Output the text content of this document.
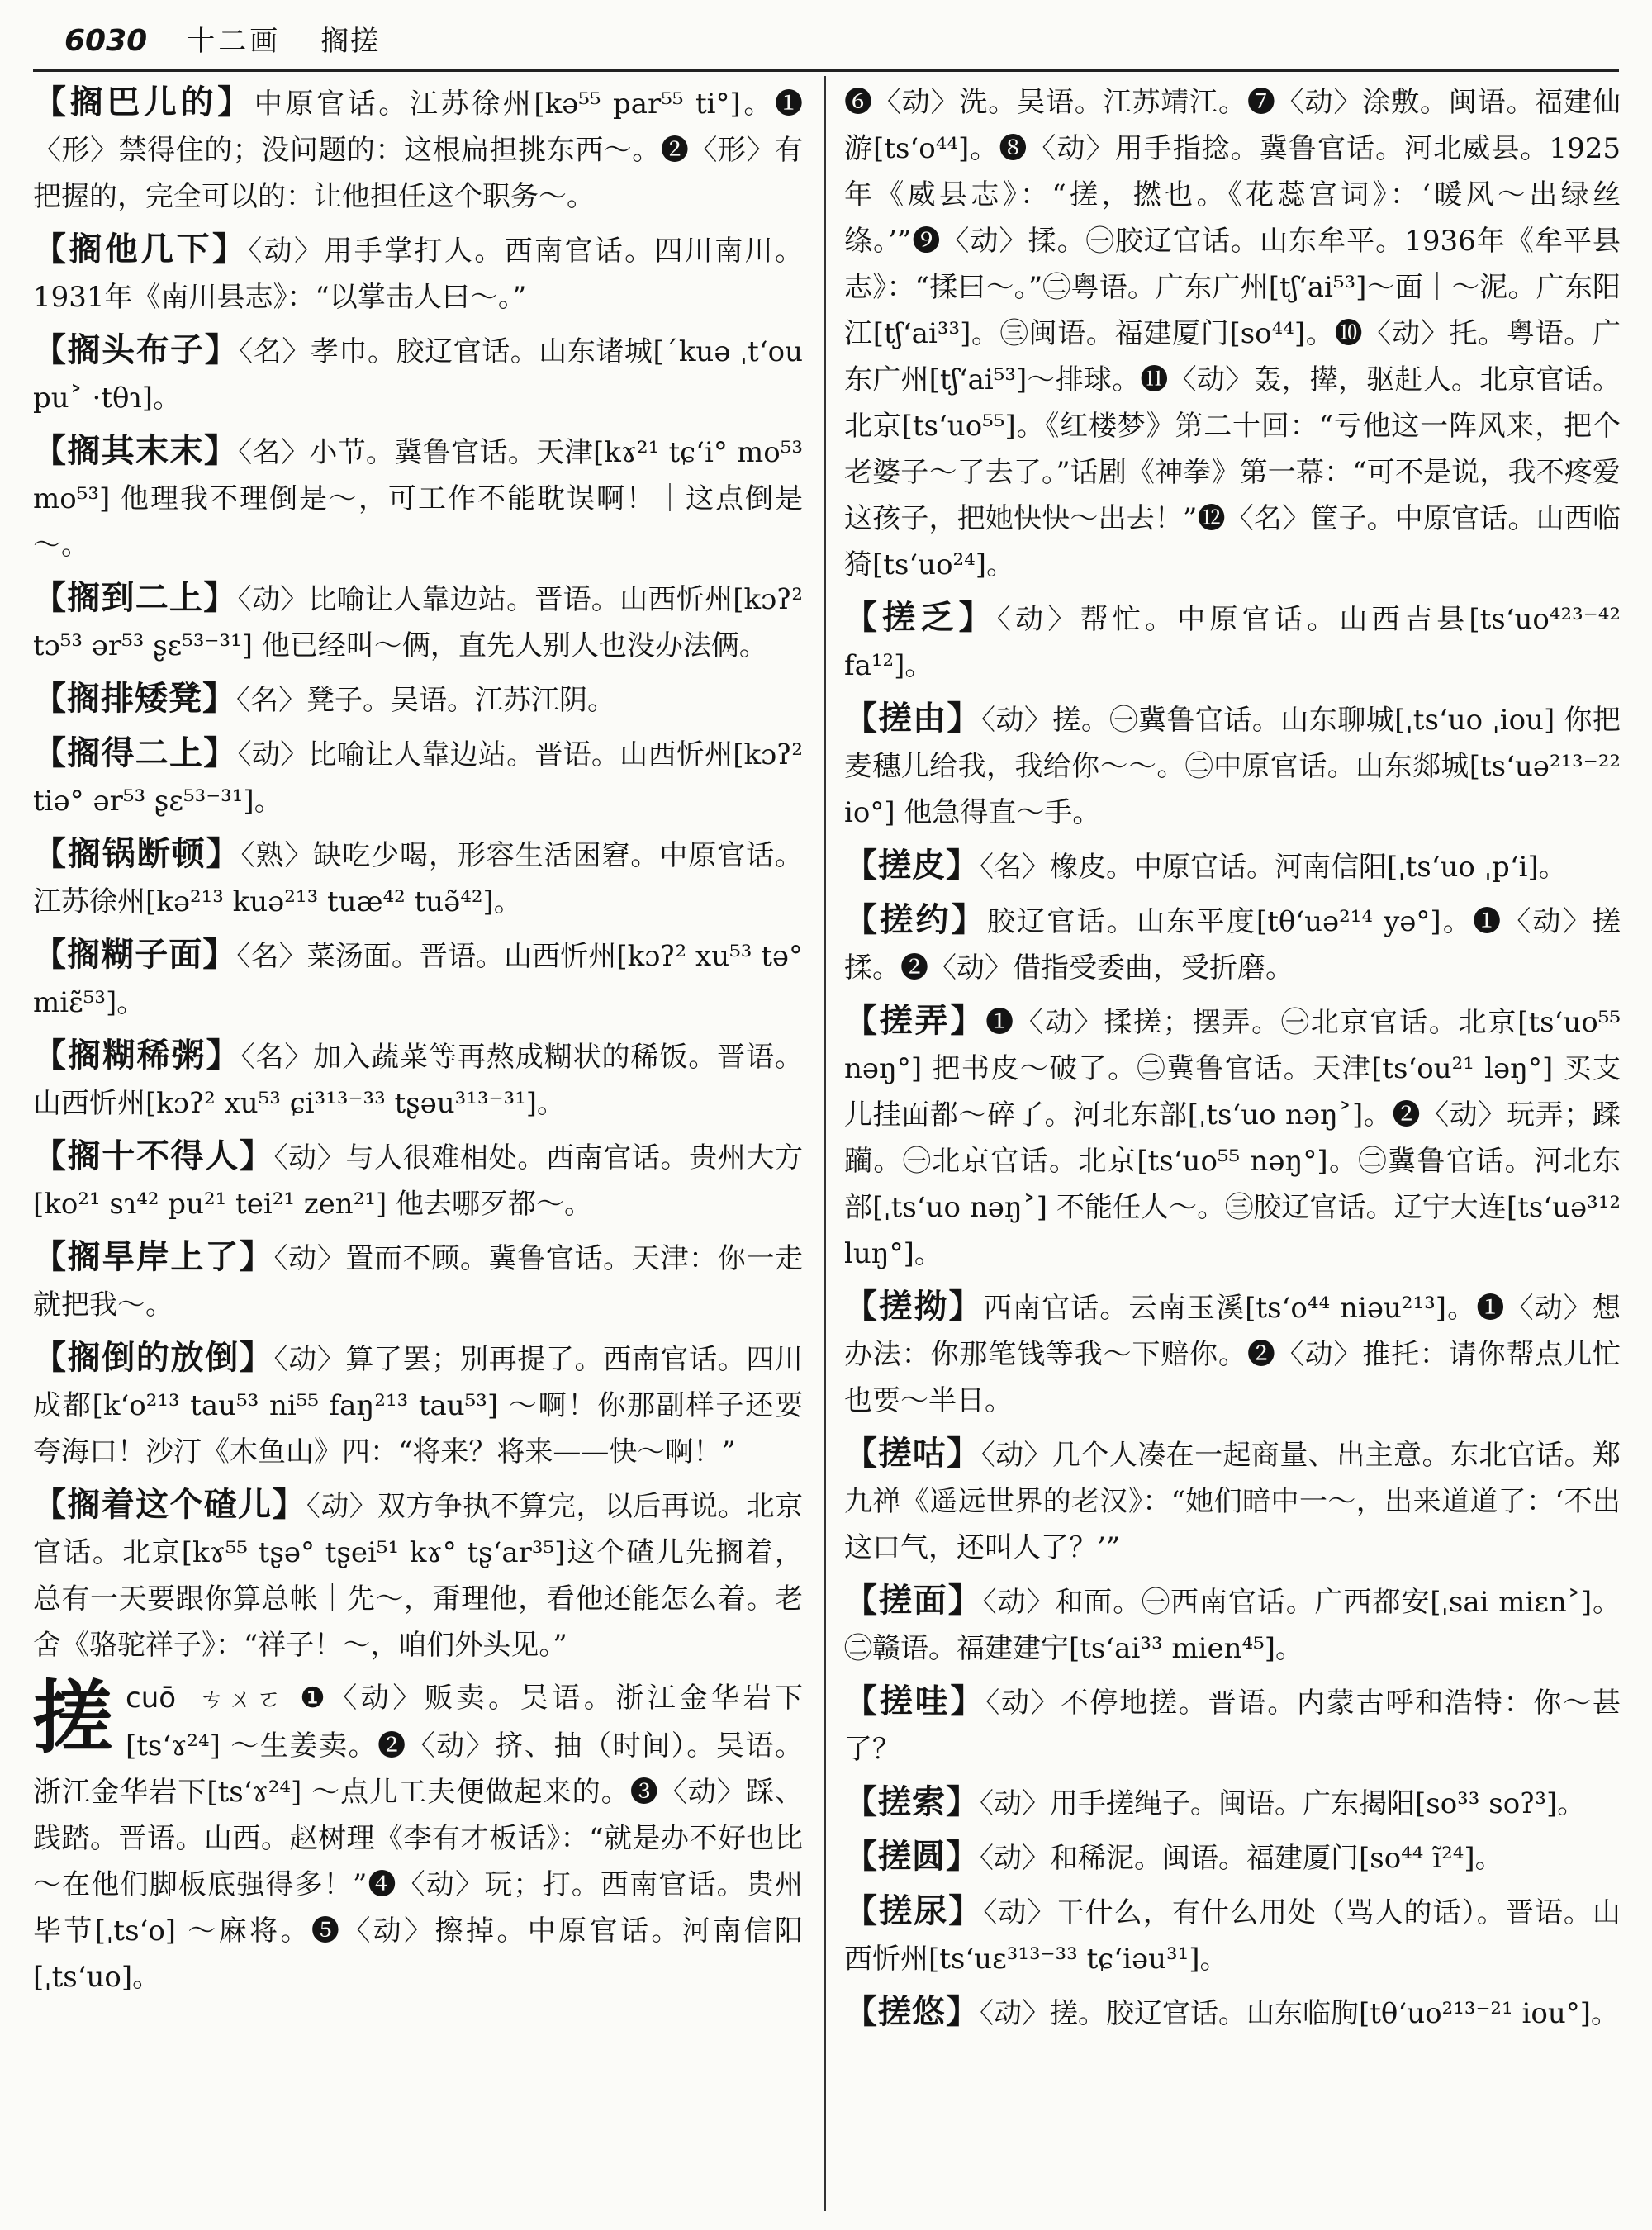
6030 十二画 搁搓
【搁巴儿的】中原官话。江苏徐州[kə⁵⁵ par⁵⁵ ti°]。❶〈形〉禁得住的；没问题的：这根扁担挑东西～。❷〈形〉有把握的，完全可以的：让他担任这个职务～。
【搁他几下】〈动〉用手掌打人。西南官话。四川南川。1931年《南川县志》：“以掌击人曰～。”
【搁头布子】〈名〉孝巾。胶辽官话。山东诸城[ˊkuə ˌtʻou pu˃ ·tθɿ]。
【搁其末末】〈名〉小节。冀鲁官话。天津[kɤ²¹ tɕʻi° mo⁵³ mo⁵³] 他理我不理倒是～，可工作不能耽误啊！｜这点倒是～。
【搁到二上】〈动〉比喻让人靠边站。晋语。山西忻州[kɔʔ² tɔ⁵³ ər⁵³ ʂɛ⁵³⁻³¹] 他已经叫～俩，直先人别人也没办法俩。
【搁排矮凳】〈名〉凳子。吴语。江苏江阴。
【搁得二上】〈动〉比喻让人靠边站。晋语。山西忻州[kɔʔ² tiə° ər⁵³ ʂɛ⁵³⁻³¹]。
【搁锅断顿】〈熟〉缺吃少喝，形容生活困窘。中原官话。江苏徐州[kə²¹³ kuə²¹³ tuæ⁴² tuə̃⁴²]。
【搁糊子面】〈名〉菜汤面。晋语。山西忻州[kɔʔ² xu⁵³ tə° miɛ̃⁵³]。
【搁糊稀粥】〈名〉加入蔬菜等再熬成糊状的稀饭。晋语。山西忻州[kɔʔ² xu⁵³ ɕi³¹³⁻³³ tʂəu³¹³⁻³¹]。
【搁十不得人】〈动〉与人很难相处。西南官话。贵州大方[ko²¹ sɿ⁴² pu²¹ tei²¹ zen²¹] 他去哪歹都～。
【搁旱岸上了】〈动〉置而不顾。冀鲁官话。天津：你一走就把我～。
【搁倒的放倒】〈动〉算了罢；别再提了。西南官话。四川成都[kʻo²¹³ tau⁵³ ni⁵⁵ faŋ²¹³ tau⁵³] ～啊！你那副样子还要夸海口！沙汀《木鱼山》四：“将来？将来——快～啊！”
【搁着这个碴儿】〈动〉双方争执不算完，以后再说。北京官话。北京[kɤ⁵⁵ tʂə° tʂei⁵¹ kɤ° tʂʻar³⁵]这个碴儿先搁着，总有一天要跟你算总帐｜先～，甭理他，看他还能怎么着。老舍《骆驼祥子》：“祥子！～，咱们外头见。”
搓 cuō ㄘㄨㄛ ❶〈动〉贩卖。吴语。浙江金华岩下[tsʻɤ²⁴] ～生姜卖。❷〈动〉挤、抽（时间）。吴语。浙江金华岩下[tsʻɤ²⁴] ～点儿工夫便做起来的。❸〈动〉踩、践踏。晋语。山西。赵树理《李有才板话》：“就是办不好也比～在他们脚板底强得多！”❹〈动〉玩；打。西南官话。贵州毕节[ˌtsʻo] ～麻将。❺〈动〉擦掉。中原官话。河南信阳[ˌtsʻuo]。
❻〈动〉洗。吴语。江苏靖江。❼〈动〉涂敷。闽语。福建仙游[tsʻo⁴⁴]。❽〈动〉用手指捻。冀鲁官话。河北威县。1925年《威县志》：“搓，撚也。《花蕊宫词》：‘暖风～出绿丝绦。’”❾〈动〉揉。㊀胶辽官话。山东牟平。1936年《牟平县志》：“揉曰～。”㊁粤语。广东广州[tʃʻai⁵³]～面｜～泥。广东阳江[tʃʻai³³]。㊂闽语。福建厦门[so⁴⁴]。❿〈动〉托。粤语。广东广州[tʃʻai⁵³]～排球。⓫〈动〉轰，撵，驱赶人。北京官话。北京[tsʻuo⁵⁵]。《红楼梦》第二十回：“亏他这一阵风来，把个老婆子～了去了。”话剧《神拳》第一幕：“可不是说，我不疼爱这孩子，把她快快～出去！”⓬〈名〉筐子。中原官话。山西临猗[tsʻuo²⁴]。
【搓乏】〈动〉帮忙。中原官话。山西吉县[tsʻuo⁴²³⁻⁴² fa¹²]。
【搓由】〈动〉搓。㊀冀鲁官话。山东聊城[ˌtsʻuo ˌiou] 你把麦穗儿给我，我给你～～。㊁中原官话。山东郯城[tsʻuə²¹³⁻²² io°] 他急得直～手。
【搓皮】〈名〉橡皮。中原官话。河南信阳[ˌtsʻuo ˌpʻi]。
【搓约】胶辽官话。山东平度[tθʻuə²¹⁴ yə°]。❶〈动〉搓揉。❷〈动〉借指受委曲，受折磨。
【搓弄】❶〈动〉揉搓；摆弄。㊀北京官话。北京[tsʻuo⁵⁵ nəŋ°] 把书皮～破了。㊁冀鲁官话。天津[tsʻou²¹ ləŋ°] 买支儿挂面都～碎了。河北东部[ˌtsʻuo nəŋ˃]。❷〈动〉玩弄；蹂躏。㊀北京官话。北京[tsʻuo⁵⁵ nəŋ°]。㊁冀鲁官话。河北东部[ˌtsʻuo nəŋ˃] 不能任人～。㊂胶辽官话。辽宁大连[tsʻuə³¹² luŋ°]。
【搓拗】西南官话。云南玉溪[tsʻo⁴⁴ niəu²¹³]。❶〈动〉想办法：你那笔钱等我～下赔你。❷〈动〉推托：请你帮点儿忙也要～半日。
【搓咕】〈动〉几个人凑在一起商量、出主意。东北官话。郑九禅《遥远世界的老汉》：“她们暗中一～，出来道道了：‘不出这口气，还叫人了？’”
【搓面】〈动〉和面。㊀西南官话。广西都安[ˌsai miɛn˃]。㊁赣语。福建建宁[tsʻai³³ mien⁴⁵]。
【搓哇】〈动〉不停地搓。晋语。内蒙古呼和浩特：你～甚了？
【搓索】〈动〉用手搓绳子。闽语。广东揭阳[so³³ soʔ³]。
【搓圆】〈动〉和稀泥。闽语。福建厦门[so⁴⁴ ĩ²⁴]。
【搓尿】〈动〉干什么，有什么用处（骂人的话）。晋语。山西忻州[tsʻuɛ³¹³⁻³³ tɕʻiəu³¹]。
【搓悠】〈动〉搓。胶辽官话。山东临朐[tθʻuo²¹³⁻²¹ iou°]。
